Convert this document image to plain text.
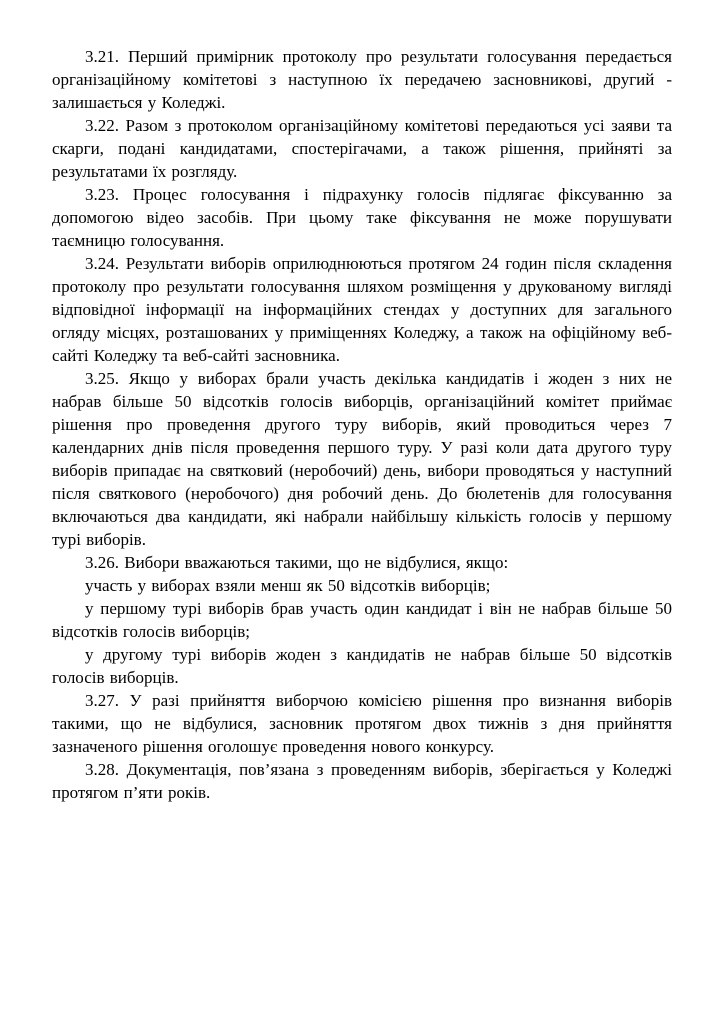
3.21. Перший примірник протоколу про результати голосування передається організаційному комітетові з наступною їх передачею засновникові, другий - залишається у Коледжі.

3.22. Разом з протоколом організаційному комітетові передаються усі заяви та скарги, подані кандидатами, спостерігачами, а також рішення, прийняті за результатами їх розгляду.

3.23. Процес голосування і підрахунку голосів підлягає фіксуванню за допомогою відео засобів. При цьому таке фіксування не може порушувати таємницю голосування.

3.24. Результати виборів оприлюднюються протягом 24 годин після складення протоколу про результати голосування шляхом розміщення у друкованому вигляді відповідної інформації на інформаційних стендах у доступних для загального огляду місцях, розташованих у приміщеннях Коледжу, а також на офіційному веб-сайті Коледжу та веб-сайті засновника.

3.25. Якщо у виборах брали участь декілька кандидатів і жоден з них не набрав більше 50 відсотків голосів виборців, організаційний комітет приймає рішення про проведення другого туру виборів, який проводиться через 7 календарних днів після проведення першого туру. У разі коли дата другого туру виборів припадає на святковий (неробочий) день, вибори проводяться у наступний після святкового (неробочого) дня робочий день. До бюлетенів для голосування включаються два кандидати, які набрали найбільшу кількість голосів у першому турі виборів.

3.26. Вибори вважаються такими, що не відбулися, якщо:

участь у виборах взяли менш як 50 відсотків виборців;

у першому турі виборів брав участь один кандидат і він не набрав більше 50 відсотків голосів виборців;

у другому турі виборів жоден з кандидатів не набрав більше 50 відсотків голосів виборців.

3.27. У разі прийняття виборчою комісією рішення про визнання виборів такими, що не відбулися, засновник протягом двох тижнів з дня прийняття зазначеного рішення оголошує проведення нового конкурсу.

3.28. Документація, пов’язана з проведенням виборів, зберігається у Коледжі протягом п’яти років.
